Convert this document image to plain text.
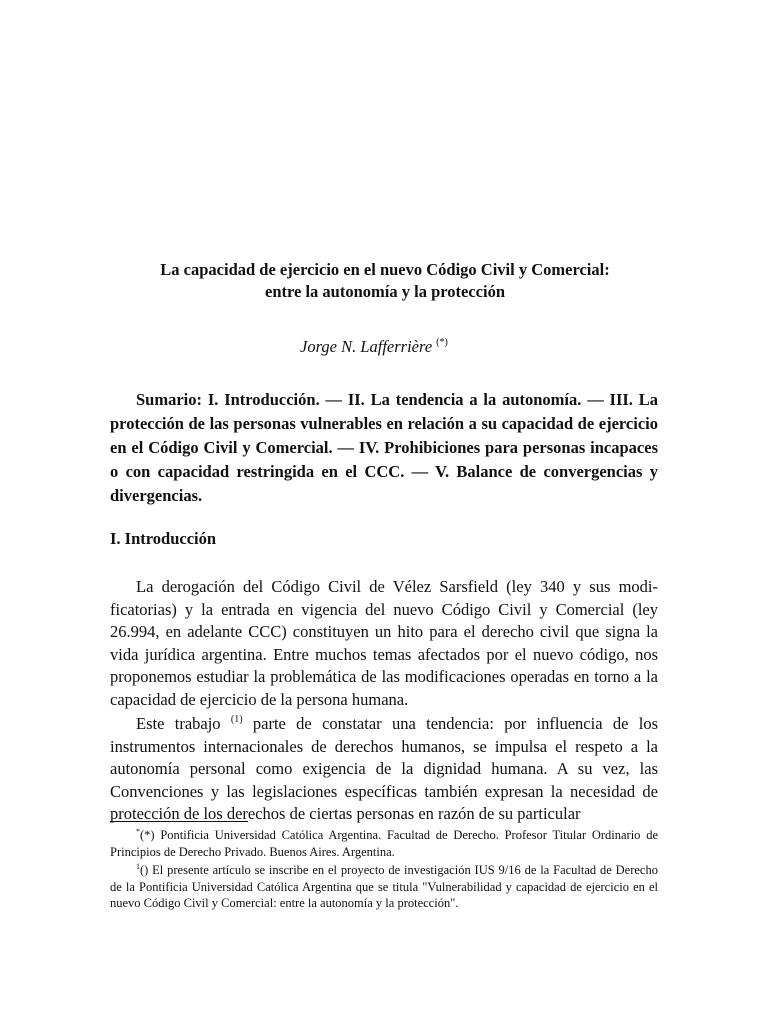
La capacidad de ejercicio en el nuevo Código Civil y Comercial:
entre la autonomía y la protección
Jorge N. Lafferrière (*)
Sumario: I. Introducción. — II. La tendencia a la autonomía. — III. La protección de las personas vulnerables en relación a su capacidad de ejercicio en el Código Civil y Comercial. — IV. Prohibiciones para personas incapaces o con capacidad restringida en el CCC. — V. Balance de convergencias y divergencias.
I. Introducción
La derogación del Código Civil de Vélez Sarsfield (ley 340 y sus modificatorias) y la entrada en vigencia del nuevo Código Civil y Comercial (ley 26.994, en adelante CCC) constituyen un hito para el derecho civil que signa la vida jurídica argentina. Entre muchos temas afectados por el nuevo código, nos proponemos estudiar la problemática de las modificaciones operadas en torno a la capacidad de ejercicio de la persona humana.
Este trabajo $^{(1)}$ parte de constatar una tendencia: por influencia de los instrumentos internacionales de derechos humanos, se impulsa el respeto a la autonomía personal como exigencia de la dignidad humana. A su vez, las Convenciones y las legislaciones específicas también expresan la necesidad de protección de los derechos de ciertas personas en razón de su particular
*(*) Pontificia Universidad Católica Argentina. Facultad de Derecho. Profesor Titular Ordinario de Principios de Derecho Privado. Buenos Aires. Argentina.
$^1$() El presente artículo se inscribe en el proyecto de investigación IUS 9/16 de la Facultad de Derecho de la Pontificia Universidad Católica Argentina que se titula "Vulnerabilidad y capacidad de ejercicio en el nuevo Código Civil y Comercial: entre la autonomía y la protección".
